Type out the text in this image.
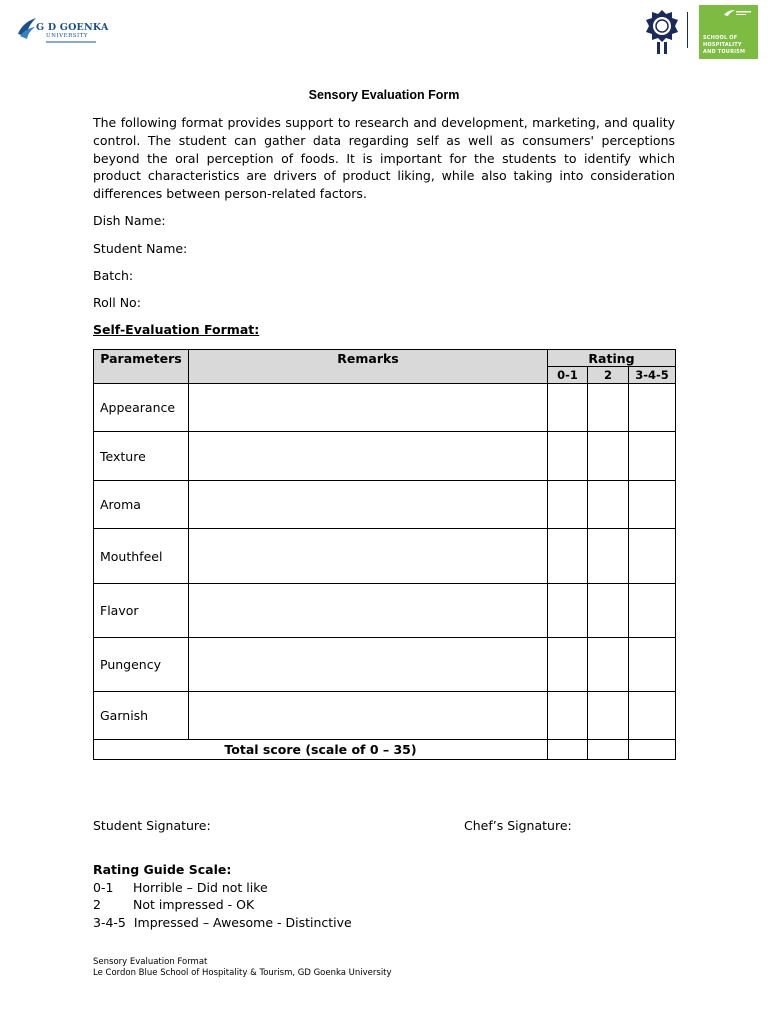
G D GOENKA
UNIVERSITY	SCHOOL OF
HOSPITALITY
AND TOURISM
Sensory Evaluation Form
The following format provides support to research and development, marketing, and quality control. The student can gather data regarding self as well as consumers' perceptions beyond the oral perception of foods. It is important for the students to identify which product characteristics are drivers of product liking, while also taking into consideration differences between person-related factors.
Dish Name:
Student Name:
Batch:
Roll No:
Self-Evaluation Format:
Parameters	Remarks	Rating		
		0-1	2	3-4-5
Appearance				
Texture				
Aroma				
Mouthfeel				
Flavor				
Pungency				
Garnish				
Total score (scale of 0 – 35)				
Student Signature:	Chef’s Signature:
Rating Guide Scale:
0-1 Horrible – Did not like
2	Not impressed - OK
3-4-5 Impressed – Awesome - Distinctive
Sensory Evaluation Format
Le Cordon Blue School of Hospitality & Tourism, GD Goenka University
